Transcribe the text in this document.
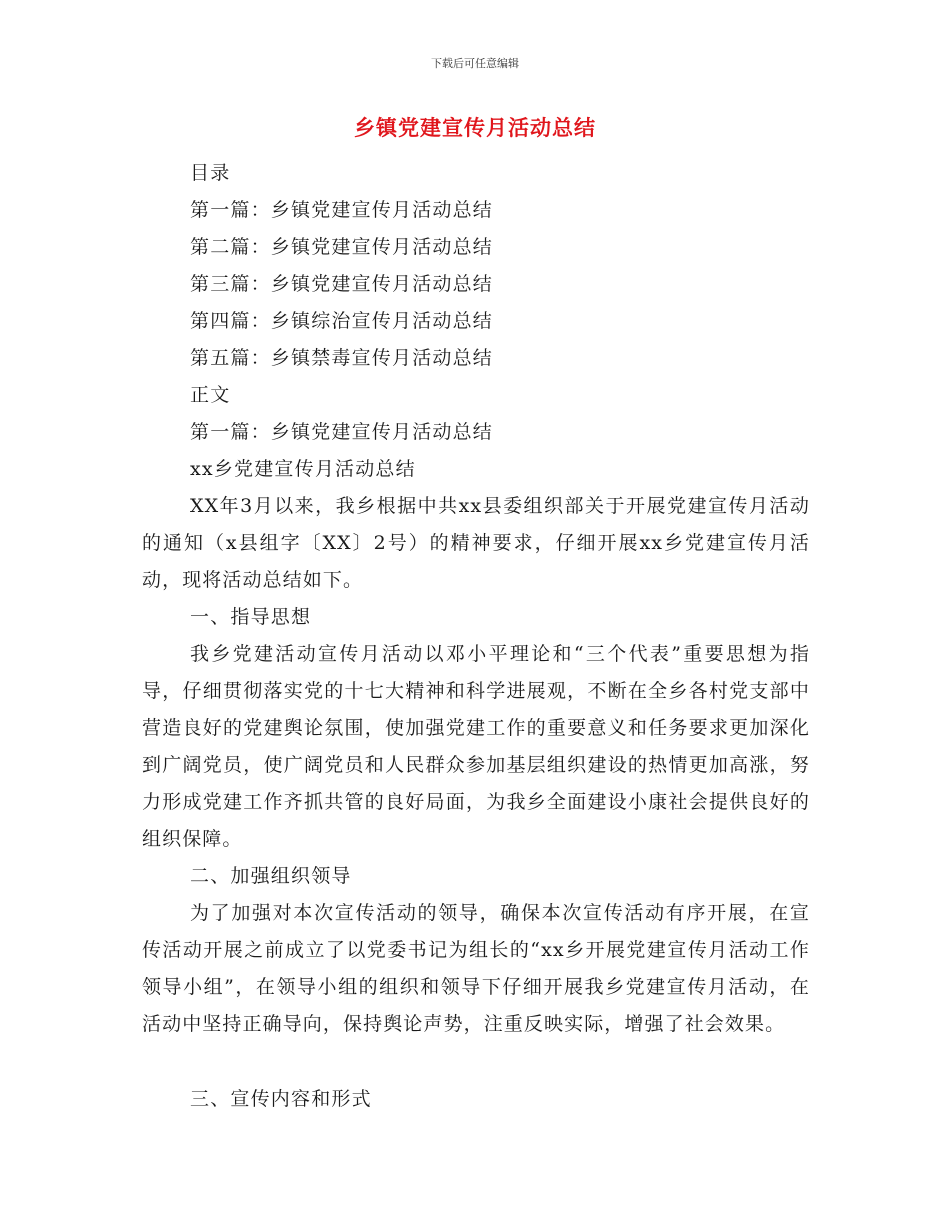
下载后可任意编辑
乡镇党建宣传月活动总结
目录
第一篇：乡镇党建宣传月活动总结
第二篇：乡镇党建宣传月活动总结
第三篇：乡镇党建宣传月活动总结
第四篇：乡镇综治宣传月活动总结
第五篇：乡镇禁毒宣传月活动总结
正文
第一篇：乡镇党建宣传月活动总结
xx乡党建宣传月活动总结

XX年3月以来，我乡根据中共xx县委组织部关于开展党建宣传月活动的通知（x县组字〔XX〕2号）的精神要求，仔细开展xx乡党建宣传月活动，现将活动总结如下。

一、指导思想

我乡党建活动宣传月活动以邓小平理论和“三个代表”重要思想为指导，仔细贯彻落实党的十七大精神和科学进展观，不断在全乡各村党支部中营造良好的党建舆论氛围，使加强党建工作的重要意义和任务要求更加深化到广阔党员，使广阔党员和人民群众参加基层组织建设的热情更加高涨，努力形成党建工作齐抓共管的良好局面，为我乡全面建设小康社会提供良好的组织保障。

二、加强组织领导

为了加强对本次宣传活动的领导，确保本次宣传活动有序开展，在宣传活动开展之前成立了以党委书记为组长的“xx乡开展党建宣传月活动工作领导小组”，在领导小组的组织和领导下仔细开展我乡党建宣传月活动，在活动中坚持正确导向，保持舆论声势，注重反映实际，增强了社会效果。

三、宣传内容和形式
